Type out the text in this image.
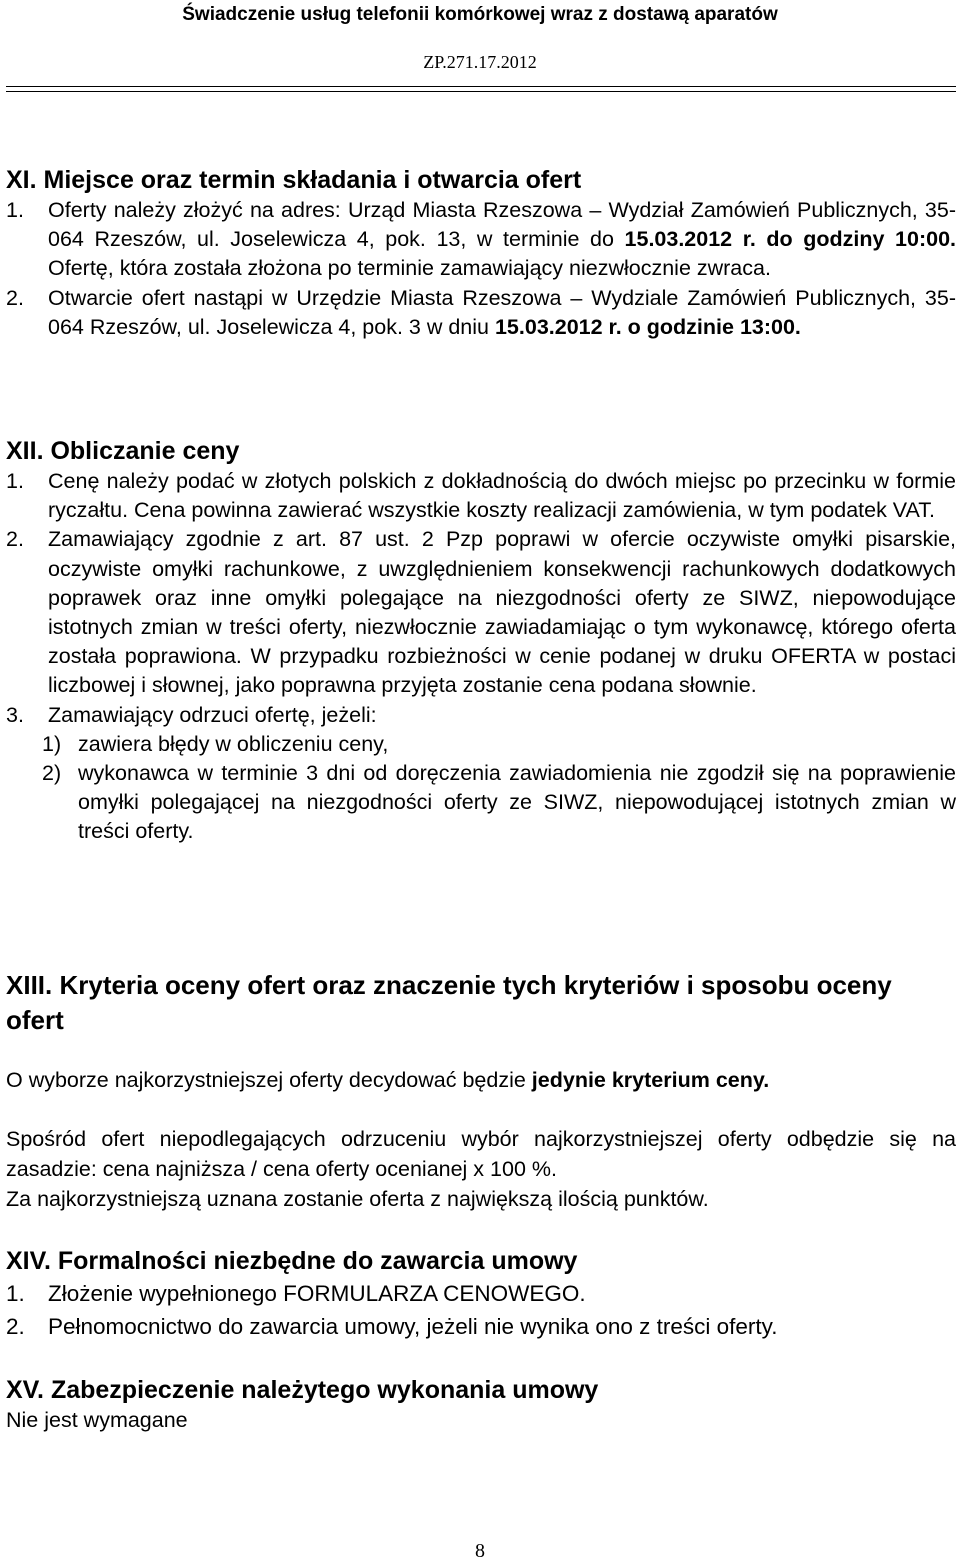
Świadczenie usług telefonii komórkowej wraz z dostawą aparatów
ZP.271.17.2012
XI. Miejsce oraz termin składania i otwarcia ofert
1.	Oferty należy złożyć na adres: Urząd Miasta Rzeszowa – Wydział Zamówień Publicznych, 35-064 Rzeszów, ul. Joselewicza 4, pok. 13, w terminie do 15.03.2012 r. do godziny 10:00. Ofertę, która została złożona po terminie zamawiający niezwłocznie zwraca.
2.	Otwarcie ofert nastąpi w Urzędzie Miasta Rzeszowa – Wydziale Zamówień Publicznych, 35-064 Rzeszów, ul. Joselewicza 4, pok. 3 w dniu 15.03.2012 r. o godzinie 13:00.
XII. Obliczanie ceny
1.	Cenę należy podać w złotych polskich z dokładnością do dwóch miejsc po przecinku w formie ryczałtu. Cena powinna zawierać wszystkie koszty realizacji zamówienia, w tym podatek VAT.
2.	Zamawiający zgodnie z art. 87 ust. 2 Pzp poprawi w ofercie oczywiste omyłki pisarskie, oczywiste omyłki rachunkowe, z uwzględnieniem konsekwencji rachunkowych dodatkowych poprawek oraz inne omyłki polegające na niezgodności oferty ze SIWZ, niepowodujące istotnych zmian w treści oferty, niezwłocznie zawiadamiając o tym wykonawcę, którego oferta została poprawiona. W przypadku rozbieżności w cenie podanej w druku OFERTA w postaci liczbowej i słownej, jako poprawna przyjęta zostanie cena podana słownie.
3.	Zamawiający odrzuci ofertę, jeżeli:
1) zawiera błędy w obliczeniu ceny,
2) wykonawca w terminie 3 dni od doręczenia zawiadomienia nie zgodził się na poprawienie omyłki polegającej na niezgodności oferty ze SIWZ, niepowodującej istotnych zmian w treści oferty.
XIII. Kryteria oceny ofert oraz znaczenie tych kryteriów i sposobu oceny ofert

O wyborze najkorzystniejszej oferty decydować będzie jedynie kryterium ceny.

Spośród ofert niepodlegających odrzuceniu wybór najkorzystniejszej oferty odbędzie się na zasadzie: cena najniższa / cena oferty ocenianej x 100 %.

Za najkorzystniejszą uznana zostanie oferta z największą ilością punktów.

XIV. Formalności niezbędne do zawarcia umowy
1.	Złożenie wypełnionego FORMULARZA CENOWEGO.
2.	Pełnomocnictwo do zawarcia umowy, jeżeli nie wynika ono z treści oferty.
XV. Zabezpieczenie należytego wykonania umowy
Nie jest wymagane
8
